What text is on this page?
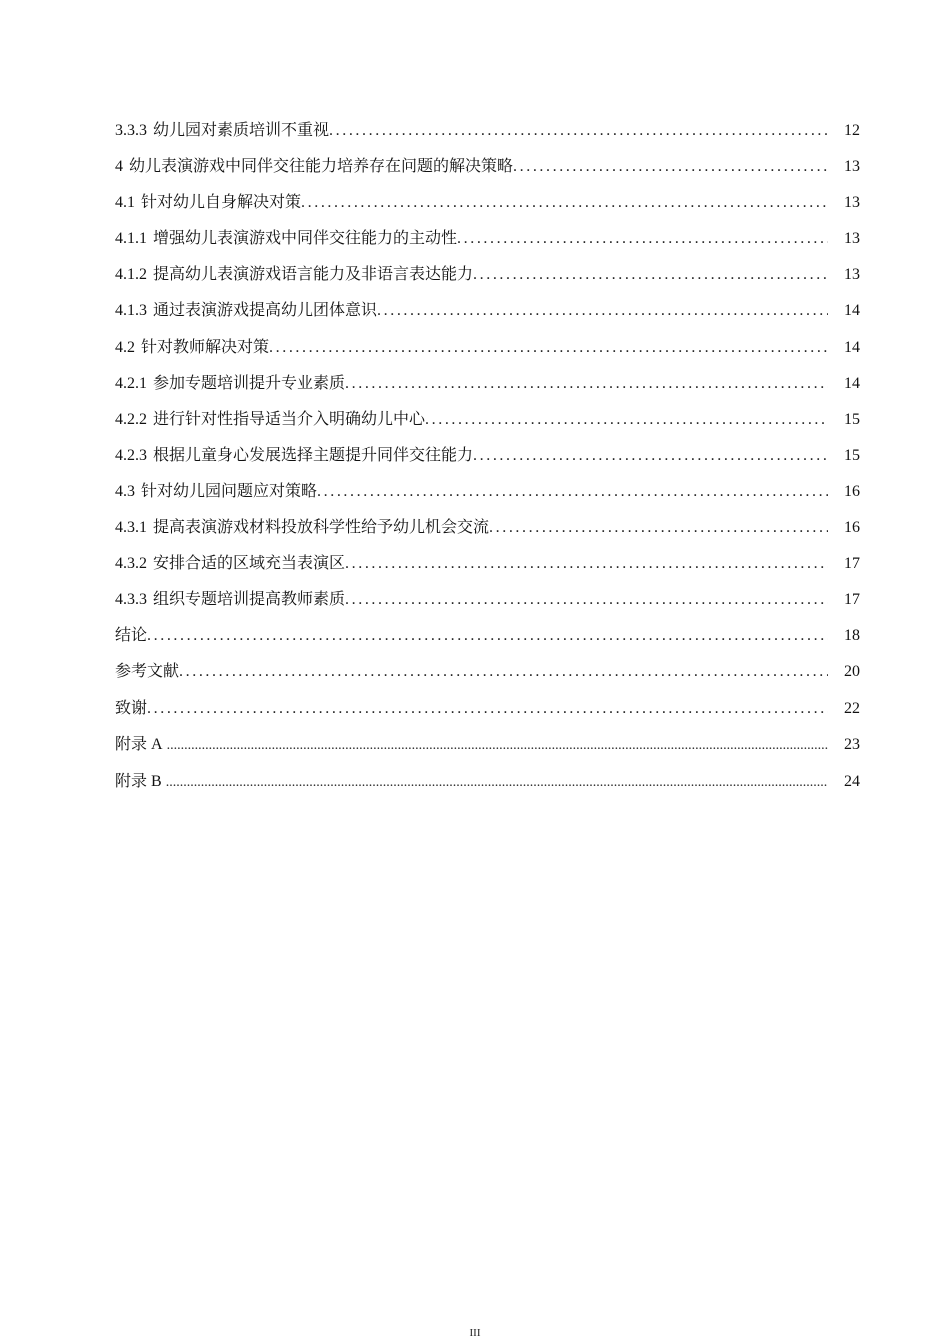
3.3.3 幼儿园对素质培训不重视 .....	12
4 幼儿表演游戏中同伴交往能力培养存在问题的解决策略 .....	13
4.1 针对幼儿自身解决对策 .....	13
4.1.1 增强幼儿表演游戏中同伴交往能力的主动性 .....	13
4.1.2 提高幼儿表演游戏语言能力及非语言表达能力 .....	13
4.1.3 通过表演游戏提高幼儿团体意识 .....	14
4.2 针对教师解决对策 .....	14
4.2.1 参加专题培训提升专业素质 .....	14
4.2.2 进行针对性指导适当介入明确幼儿中心 .....	15
4.2.3 根据儿童身心发展选择主题提升同伴交往能力 .....	15
4.3 针对幼儿园问题应对策略 .....	16
4.3.1 提高表演游戏材料投放科学性给予幼儿机会交流 .....	16
4.3.2 安排合适的区域充当表演区 .....	17
4.3.3 组织专题培训提高教师素质 .....	17
结论 .....	18
参考文献 .....	20
致谢 .....	22
附录 A .....	23
附录 B .....	24
III
